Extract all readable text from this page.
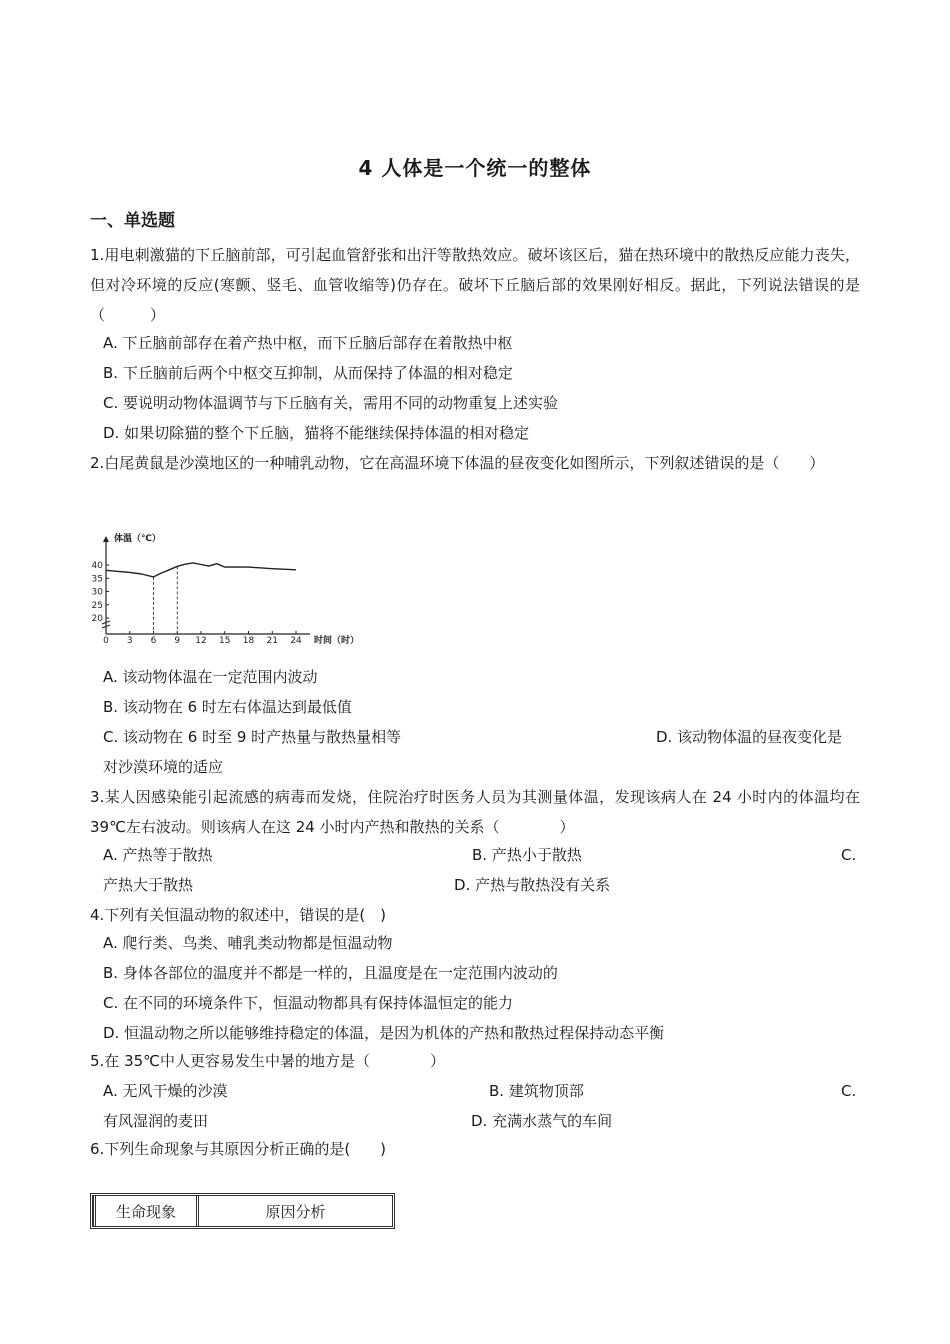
4 人体是一个统一的整体
一、单选题
1.用电刺激猫的下丘脑前部，可引起血管舒张和出汗等散热效应。破坏该区后，猫在热环境中的散热反应能力丧失，但对冷环境的反应(寒颤、竖毛、血管收缩等)仍存在。破坏下丘脑后部的效果刚好相反。据此，下列说法错误的是（　　　）
A. 下丘脑前部存在着产热中枢，而下丘脑后部存在着散热中枢
B. 下丘脑前后两个中枢交互抑制，从而保持了体温的相对稳定
C. 要说明动物体温调节与下丘脑有关，需用不同的动物重复上述实验
D. 如果切除猫的整个下丘脑，猫将不能继续保持体温的相对稳定
2.白尾黄鼠是沙漠地区的一种哺乳动物，它在高温环境下体温的昼夜变化如图所示，下列叙述错误的是（　　）
40
35
30
25
20
0 3 6 9 12 15 18 21 24
体温（℃）
时间（时）
A. 该动物体温在一定范围内波动
B. 该动物在 6 时左右体温达到最低值
C. 该动物在 6 时至 9 时产热量与散热量相等	D. 该动物体温的昼夜变化是
对沙漠环境的适应
3.某人因感染能引起流感的病毒而发烧，住院治疗时医务人员为其测量体温，发现该病人在 24 小时内的体温均在 39℃左右波动。则该病人在这 24 小时内产热和散热的关系（　　　　）
A. 产热等于散热	B. 产热小于散热	C.
产热大于散热	D. 产热与散热没有关系
4.下列有关恒温动物的叙述中，错误的是(　)
A. 爬行类、鸟类、哺乳类动物都是恒温动物
B. 身体各部位的温度并不都是一样的，且温度是在一定范围内波动的
C. 在不同的环境条件下，恒温动物都具有保持体温恒定的能力
D. 恒温动物之所以能够维持稳定的体温，是因为机体的产热和散热过程保持动态平衡
5.在 35℃中人更容易发生中暑的地方是（　　　　）
A. 无风干燥的沙漠	B. 建筑物顶部	C.
有风湿润的麦田	D. 充满水蒸气的车间
6.下列生命现象与其原因分析正确的是(　　)
生命现象	原因分析
